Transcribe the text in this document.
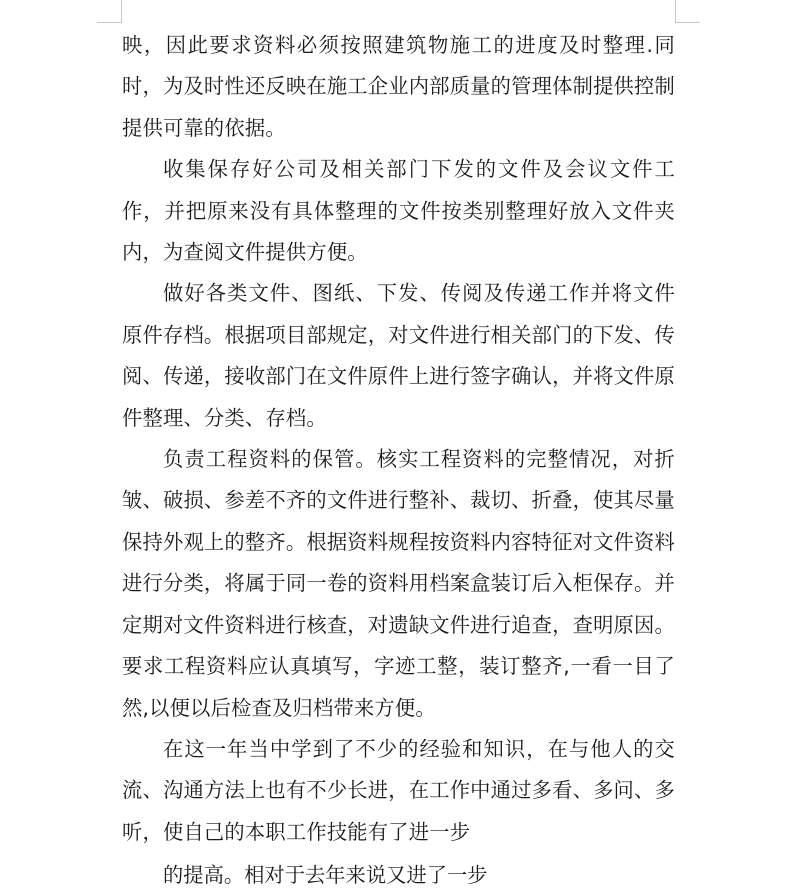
映，因此要求资料必须按照建筑物施工的进度及时整理.同时，为及时性还反映在施工企业内部质量的管理体制提供控制提供可靠的依据。

收集保存好公司及相关部门下发的文件及会议文件工作，并把原来没有具体整理的文件按类别整理好放入文件夹内，为查阅文件提供方便。

做好各类文件、图纸、下发、传阅及传递工作并将文件原件存档。根据项目部规定，对文件进行相关部门的下发、传阅、传递，接收部门在文件原件上进行签字确认，并将文件原件整理、分类、存档。

负责工程资料的保管。核实工程资料的完整情况，对折皱、破损、参差不齐的文件进行整补、裁切、折叠，使其尽量保持外观上的整齐。根据资料规程按资料内容特征对文件资料进行分类，将属于同一卷的资料用档案盒装订后入柜保存。并定期对文件资料进行核查，对遗缺文件进行追查，查明原因。要求工程资料应认真填写，字迹工整，装订整齐,一看一目了然,以便以后检查及归档带来方便。

在这一年当中学到了不少的经验和知识，在与他人的交流、沟通方法上也有不少长进，在工作中通过多看、多问、多听，使自己的本职工作技能有了进一步

的提高。相对于去年来说又进了一步
